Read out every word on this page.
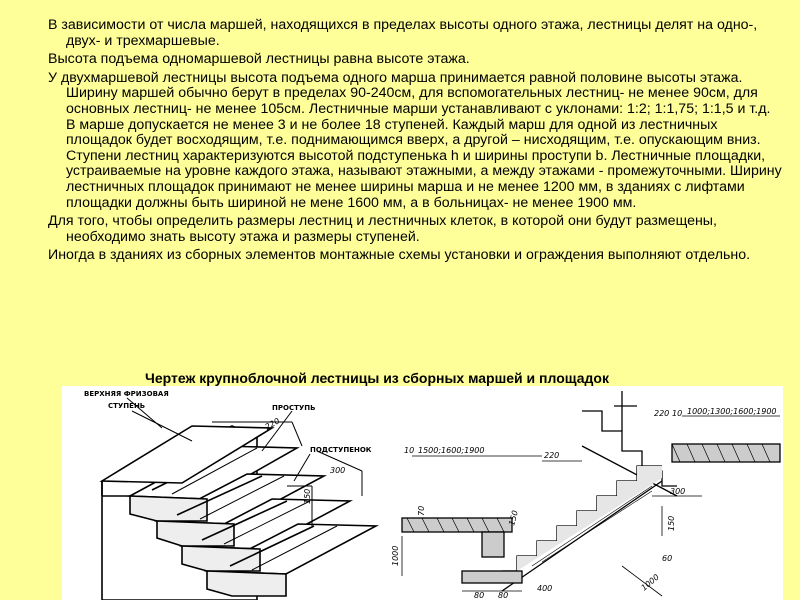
В зависимости от числа маршей, находящихся в пределах высоты одного этажа, лестницы делят на одно-, двух- и трехмаршевые.

Высота подъема одномаршевой лестницы равна высоте этажа.

У двухмаршевой лестницы высота подъема одного марша принимается равной половине высоты этажа. Ширину маршей обычно берут в пределах 90-240см, для вспомогательных лестниц- не менее 90см, для основных лестниц- не менее 105см. Лестничные марши устанавливают с уклонами: 1:2; 1:1,75; 1:1,5 и т.д. В марше допускается не менее 3 и не более 18 ступеней. Каждый марш для одной из лестничных площадок будет восходящим, т.е. поднимающимся вверх, а другой – нисходящим, т.е. опускающим вниз. Ступени лестниц характеризуются высотой подступенька h и ширины проступи b. Лестничные площадки, устраиваемые на уровне каждого этажа, называют этажными, а между этажами - промежуточными. Ширину лестничных площадок принимают не менее ширины марша и не менее 1200 мм, в зданиях с лифтами площадки должны быть шириной не мене 1600 мм, а в больницах- не менее 1900 мм.

Для того, чтобы определить размеры лестниц и лестничных клеток, в которой они будут размещены, необходимо знать высоту этажа и размеры ступеней.

Иногда в зданиях из сборных элементов монтажные схемы установки и ограждения выполняют отдельно.

Чертеж крупноблочной лестницы из сборных маршей и площадок
ВЕРХНЯЯ ФРИЗОВАЯ
СТУПЕНЬ	ПРОСТУПЬ
ПОДСТУПЕНОК
220
300
150
220 10 1000;1300;1600;1900
10 1500;1600;1900
220
300
150
150
80 80
1000
1000
400
70
60
